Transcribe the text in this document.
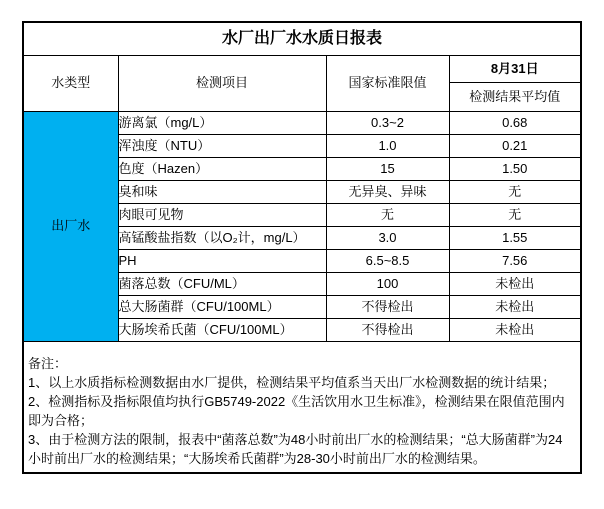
水厂出厂水水质日报表			
水类型	检测项目	国家标准限值	8月31日
			检测结果平均值
出厂水	游离氯（mg/L）	0.3~2	0.68
	浑浊度（NTU）	1.0	0.21
	色度（Hazen）	15	1.50
	臭和味	无异臭、异味	无
	肉眼可见物	无	无
	高锰酸盐指数（以O₂计，mg/L）	3.0	1.55
	PH	6.5~8.5	7.56
	菌落总数（CFU/ML）	100	未检出
	总大肠菌群（CFU/100ML）	不得检出	未检出
	大肠埃希氏菌（CFU/100ML）	不得检出	未检出

备注：
1、以上水质指标检测数据由水厂提供，检测结果平均值系当天出厂水检测数据的统计结果；
2、检测指标及指标限值均执行GB5749-2022《生活饮用水卫生标准》，检测结果在限值范围内即为合格；
3、由于检测方法的限制，报表中“菌落总数”为48小时前出厂水的检测结果；“总大肠菌群”为24小时前出厂水的检测结果；“大肠埃希氏菌群”为28-30小时前出厂水的检测结果。			
